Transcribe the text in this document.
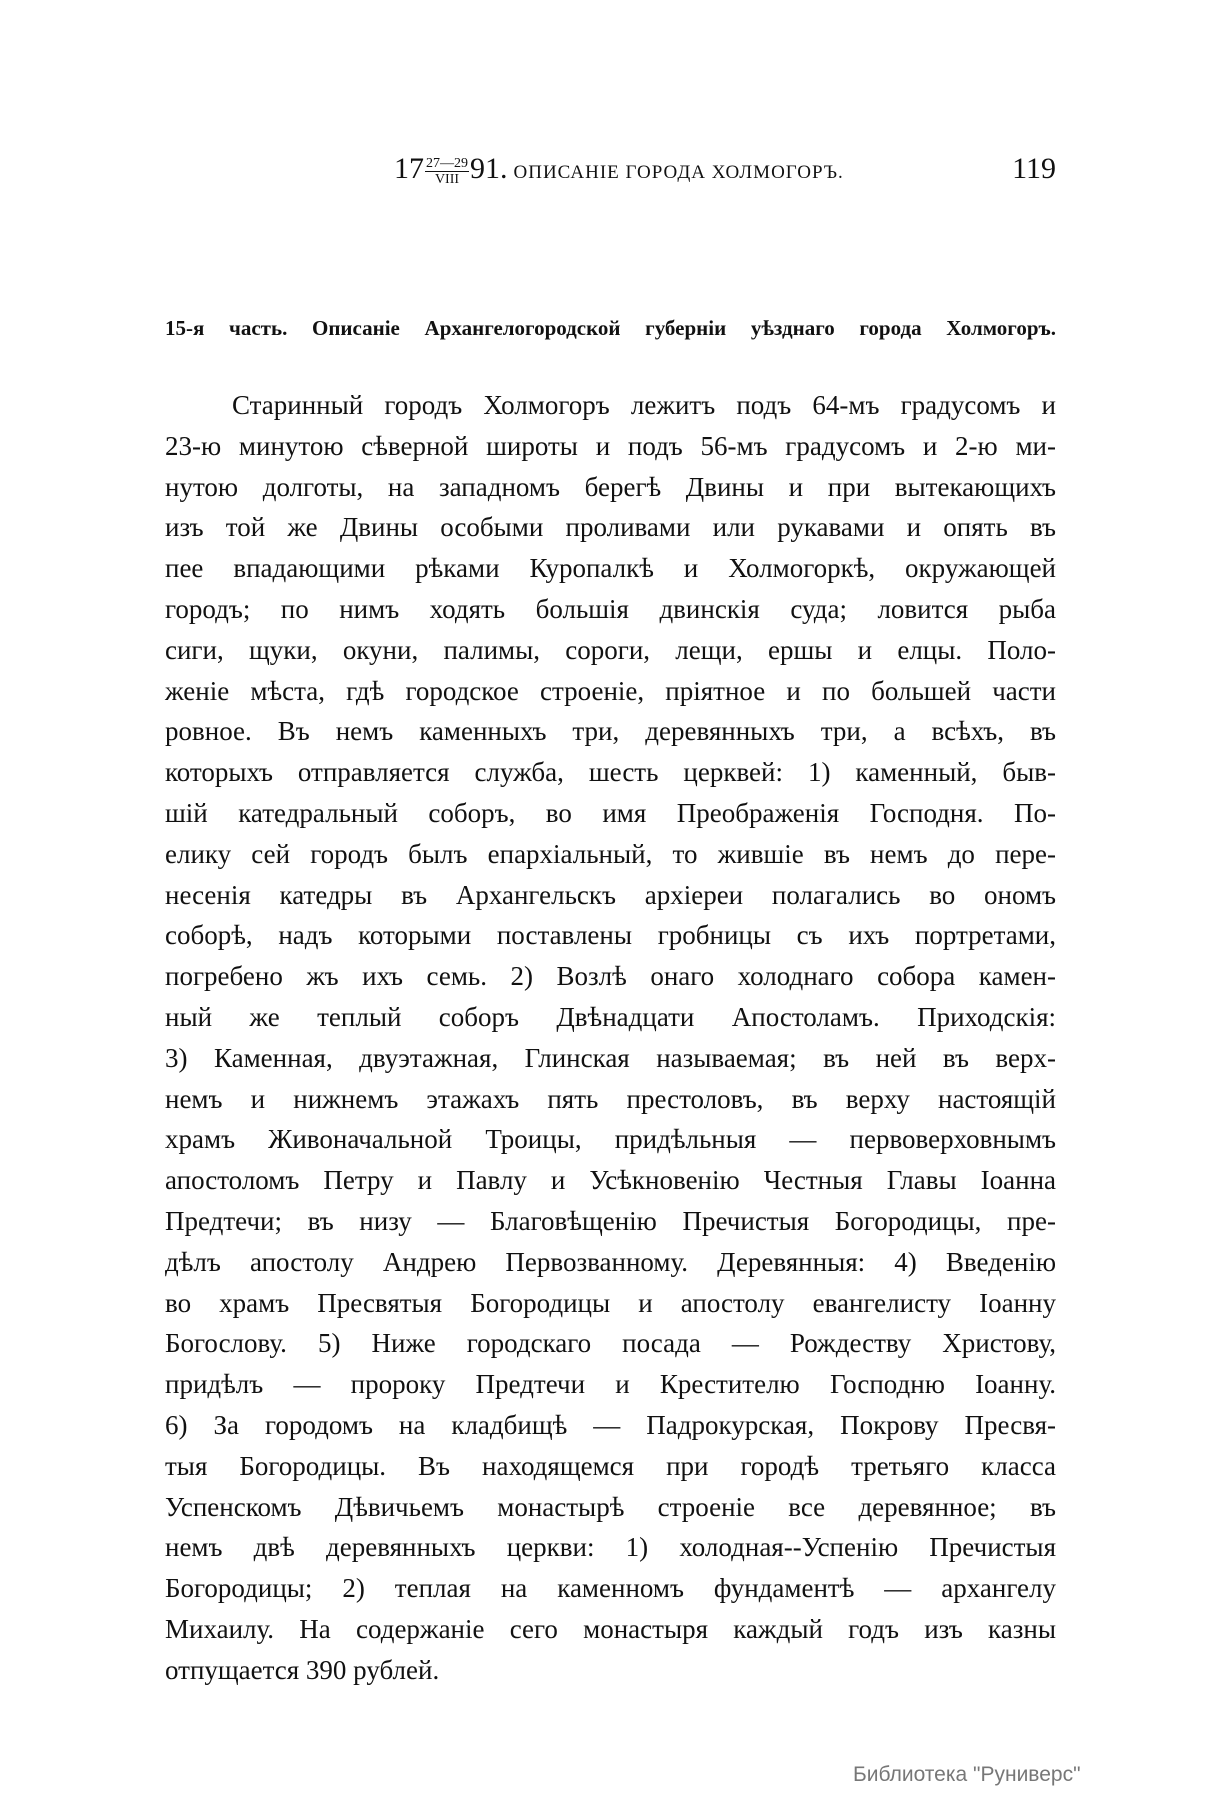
$17 \frac{27—29}{\text{VIII}} 91$. ОПИСАНІЕ ГОРОДА ХОЛМОГОРЪ.	119
15-я часть. Описаніе Архангелогородской губерніи уѣзднаго города Холмогоръ.
Старинный городъ Холмогоръ лежитъ подъ 64-мъ градусомъ и
23-ю минутою сѣверной широты и подъ 56-мъ градусомъ и 2-ю ми-
нутою долготы, на западномъ берегѣ Двины и при вытекающихъ
изъ той же Двины особыми проливами или рукавами и опять въ
пее впадающими рѣками Куропалкѣ и Холмогоркѣ, окружающей
городъ; по нимъ ходять большія двинскія суда; ловится рыба
сиги, щуки, окуни, палимы, сороги, лещи, ершы и елцы. Поло-
женіе мѣста, гдѣ городское строеніе, пріятное и по большей части
ровное. Въ немъ каменныхъ три, деревянныхъ три, а всѣхъ, въ
которыхъ отправляется служба, шесть церквей: 1) каменный, быв-
шій катедральный соборъ, во имя Преображенія Господня. По-
елику сей городъ былъ епархіальный, то жившіе въ немъ до пере-
несенія катедры въ Архангельскъ архіереи полагались во ономъ
соборѣ, надъ которыми поставлены гробницы съ ихъ портретами,
погребено жъ ихъ семь. 2) Возлѣ онаго холоднаго собора камен-
ный же теплый соборъ Двѣнадцати Апостоламъ. Приходскія:
3) Каменная, двуэтажная, Глинская называемая; въ ней въ верх-
немъ и нижнемъ этажахъ пять престоловъ, въ верху настоящій
храмъ Живоначальной Троицы, придѣльныя — первоверховнымъ
апостоломъ Петру и Павлу и Усѣкновенію Честныя Главы Іоанна
Предтечи; въ низу — Благовѣщенію Пречистыя Богородицы, пре-
дѣлъ апостолу Андрею Первозванному. Деревянныя: 4) Введенію
во храмъ Пресвятыя Богородицы и апостолу евангелисту Іоанну
Богослову. 5) Ниже городскаго посада — Рождеству Христову,
придѣлъ — пророку Предтечи и Крестителю Господню Іоанну.
6) За городомъ на кладбищѣ — Падрокурская, Покрову Пресвя-
тыя Богородицы. Въ находящемся при городѣ третьяго класса
Успенскомъ Дѣвичьемъ монастырѣ строеніе все деревянное; въ
немъ двѣ деревянныхъ церкви: 1) холодная--Успенію Пречистыя
Богородицы; 2) теплая на каменномъ фундаментѣ — архангелу
Михаилу. На содержаніе сего монастыря каждый годъ изъ казны
отпущается 390 рублей.
Библиотека "Руниверс"
